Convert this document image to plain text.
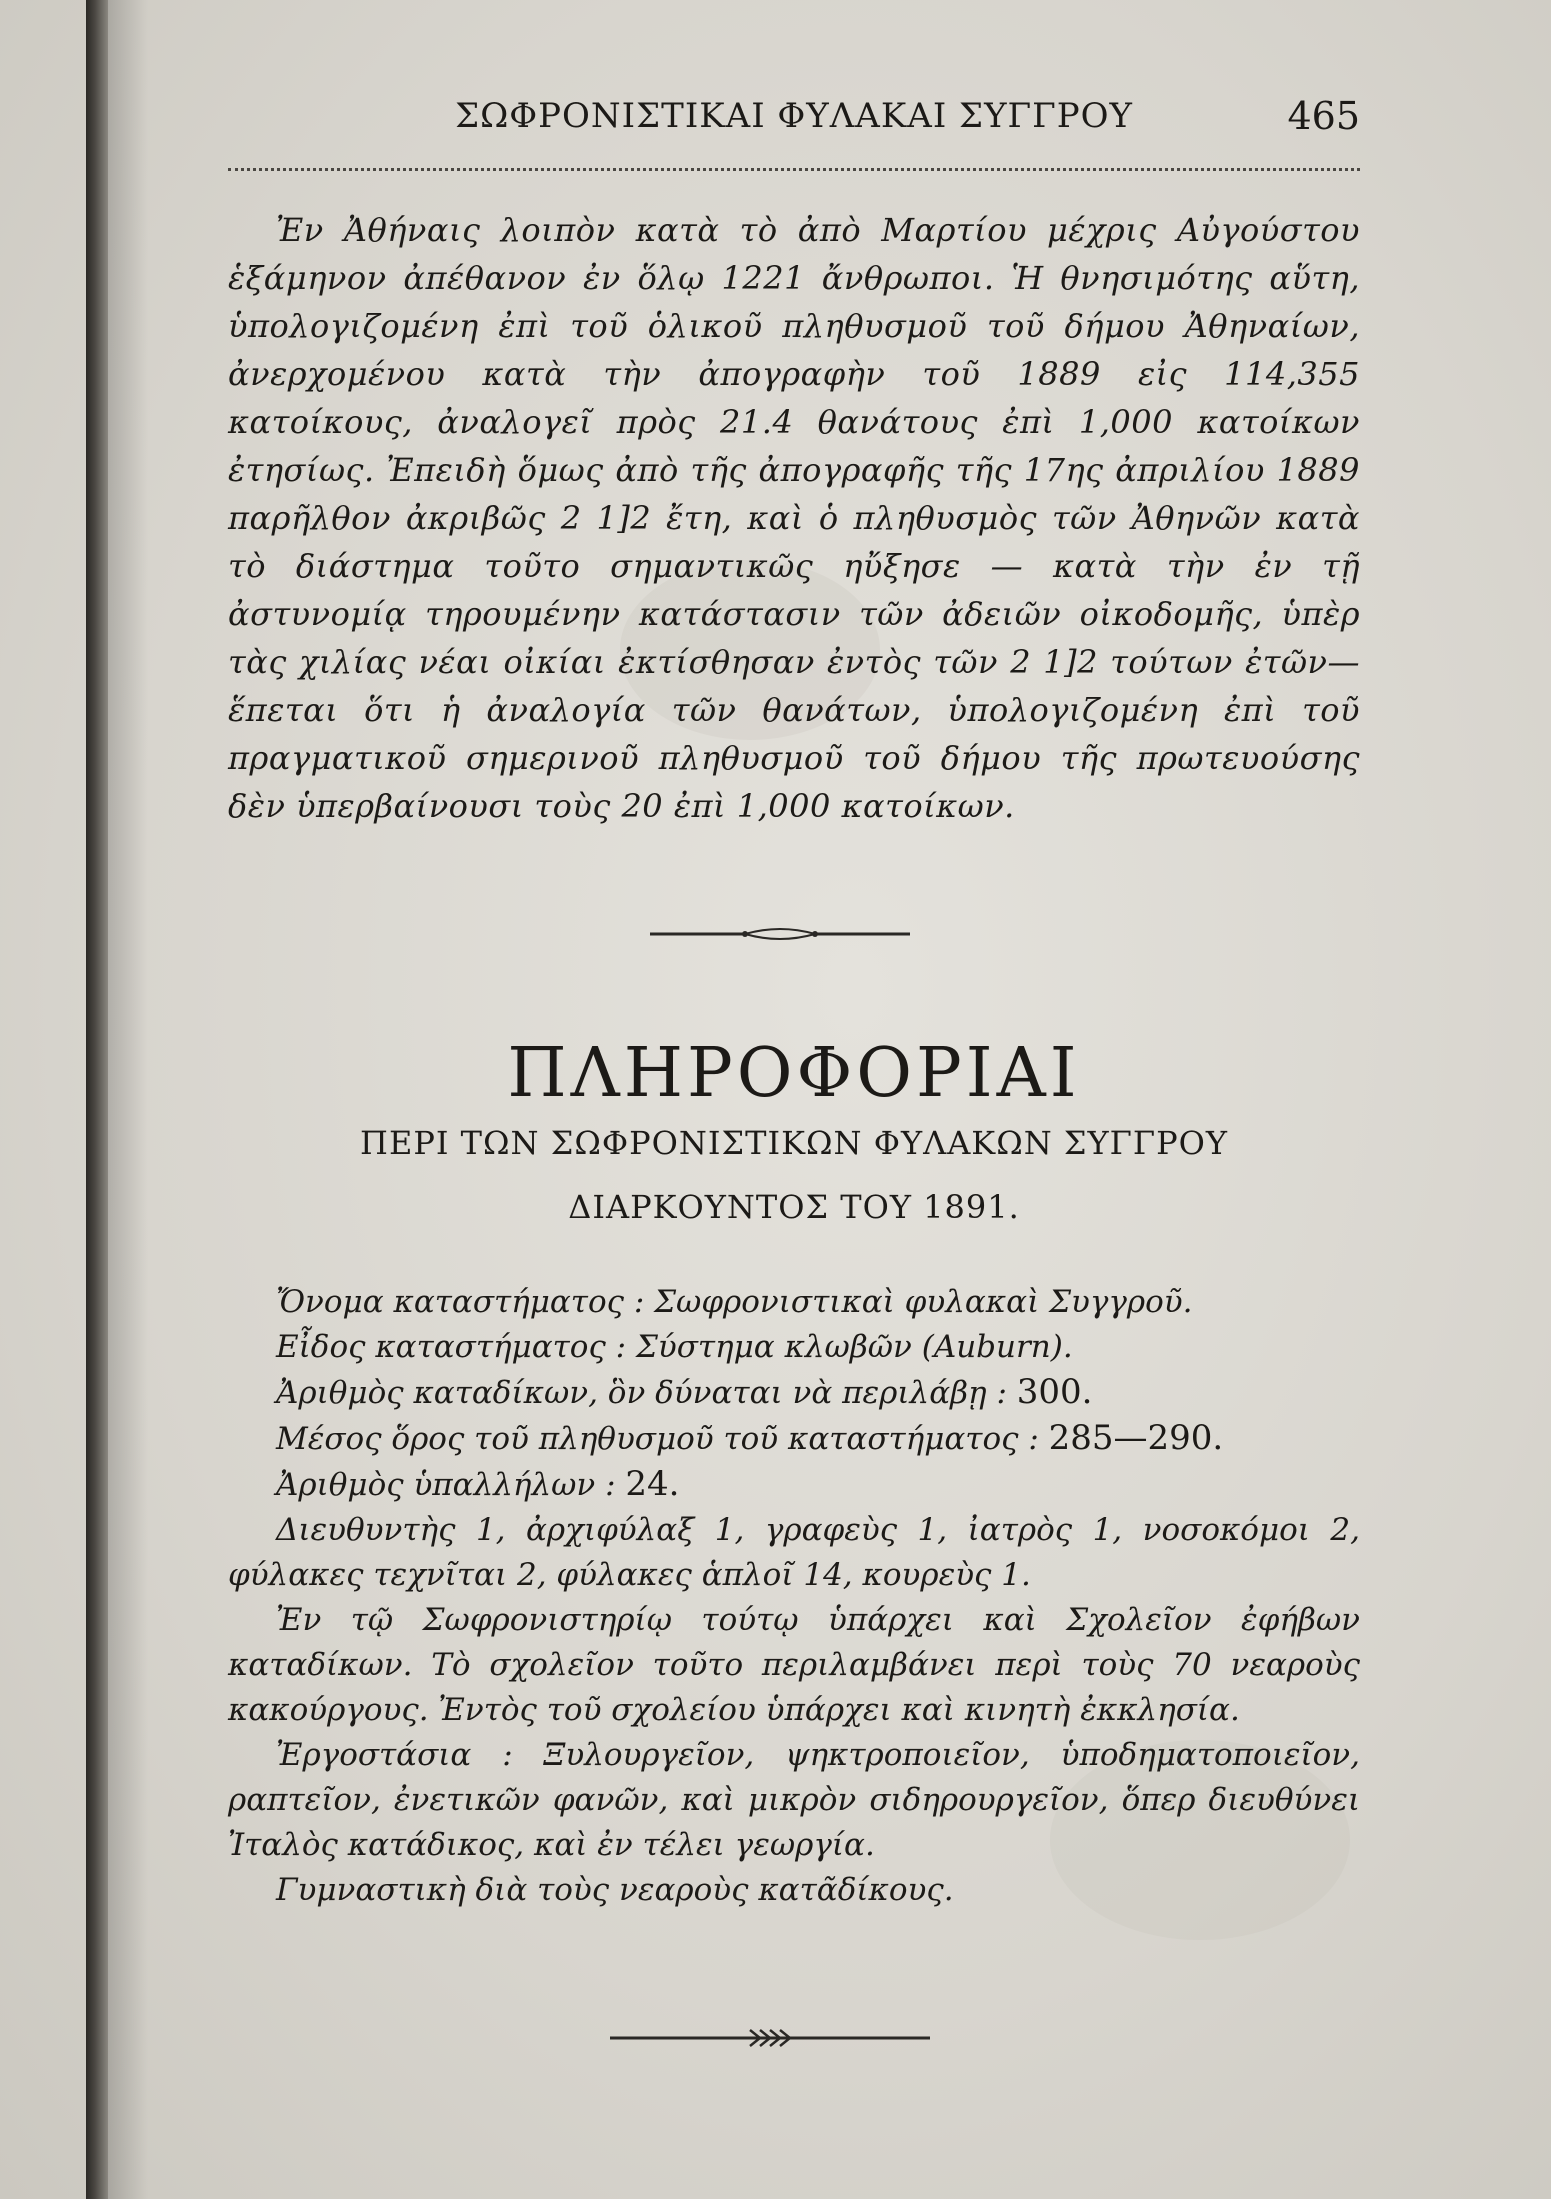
ΣΩΦΡΟΝΙΣΤΙΚΑΙ ΦΥΛΑΚΑΙ ΣΥΓΓΡΟΥ	465

Ἐν Ἀθήναις λοιπὸν κατὰ τὸ ἀπὸ Μαρτίου μέχρις Αὐγούστου ἑξάμηνον ἀπέθανον ἐν ὅλῳ 1221 ἄνθρωποι. Ἡ θνησιμότης αὕτη, ὑπολογιζομένη ἐπὶ τοῦ ὁλικοῦ πληθυσμοῦ τοῦ δήμου Ἀθηναίων, ἀνερχομένου κατὰ τὴν ἀπογραφὴν τοῦ 1889 εἰς 114,355 κατοίκους, ἀναλογεῖ πρὸς 21.4 θανάτους ἐπὶ 1,000 κατοίκων ἐτησίως. Ἐπειδὴ ὅμως ἀπὸ τῆς ἀπογραφῆς τῆς 17ης ἀπριλίου 1889 παρῆλθον ἀκριβῶς 2 1]2 ἔτη, καὶ ὁ πληθυσμὸς τῶν Ἀθηνῶν κατὰ τὸ διάστημα τοῦτο σημαντικῶς ηὔξησε — κατὰ τὴν ἐν τῇ ἀστυνομίᾳ τηρουμένην κατάστασιν τῶν ἀδειῶν οἰκοδομῆς, ὑπὲρ τὰς χιλίας νέαι οἰκίαι ἐκτίσθησαν ἐντὸς τῶν 2 1]2 τούτων ἐτῶν—ἕπεται ὅτι ἡ ἀναλογία τῶν θανάτων, ὑπολογιζομένη ἐπὶ τοῦ πραγματικοῦ σημερινοῦ πληθυσμοῦ τοῦ δήμου τῆς πρωτευούσης δὲν ὑπερβαίνουσι τοὺς 20 ἐπὶ 1,000 κατοίκων.

ΠΛΗΡΟΦΟΡΙΑΙ
ΠΕΡΙ ΤΩΝ ΣΩΦΡΟΝΙΣΤΙΚΩΝ ΦΥΛΑΚΩΝ ΣΥΓΓΡΟΥ
ΔΙΑΡΚΟΥΝΤΟΣ ΤΟΥ 1891.

Ὄνομα καταστήματος : Σωφρονιστικαὶ φυλακαὶ Συγγροῦ.

Εἶδος καταστήματος : Σύστημα κλωβῶν (Auburn).

Ἀριθμὸς καταδίκων, ὃν δύναται νὰ περιλάβῃ : 300.

Μέσος ὅρος τοῦ πληθυσμοῦ τοῦ καταστήματος : 285—290.

Ἀριθμὸς ὑπαλλήλων : 24.

Διευθυντὴς 1, ἀρχιφύλαξ 1, γραφεὺς 1, ἰατρὸς 1, νοσοκόμοι 2, φύλακες τεχνῖται 2, φύλακες ἁπλοῖ 14, κουρεὺς 1.

Ἐν τῷ Σωφρονιστηρίῳ τούτῳ ὑπάρχει καὶ Σχολεῖον ἐφήβων καταδίκων. Τὸ σχολεῖον τοῦτο περιλαμβάνει περὶ τοὺς 70 νεαροὺς κακούργους. Ἐντὸς τοῦ σχολείου ὑπάρχει καὶ κινητὴ ἐκκλησία.

Ἐργοστάσια : Ξυλουργεῖον, ψηκτροποιεῖον, ὑποδηματοποιεῖον, ραπτεῖον, ἐνετικῶν φανῶν, καὶ μικρὸν σιδηρουργεῖον, ὅπερ διευθύνει Ἰταλὸς κατάδικος, καὶ ἐν τέλει γεωργία.

Γυμναστικὴ διὰ τοὺς νεαροὺς κατᾶδίκους.
